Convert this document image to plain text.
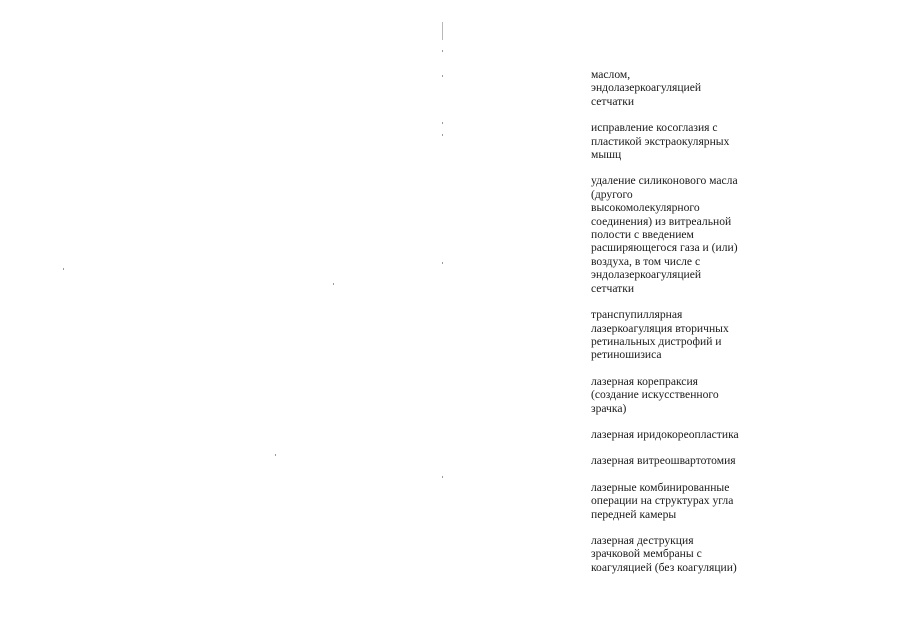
маслом,
эндолазеркоагуляцией
сетчатки
исправление косоглазия с
пластикой экстраокулярных
мышц
удаление силиконового масла
(другого
высокомолекулярного
соединения) из витреальной
полости с введением
расширяющегося газа и (или)
воздуха, в том числе с
эндолазеркоагуляцией
сетчатки
транспупиллярная
лазеркоагуляция вторичных
ретинальных дистрофий и
ретиношизиса
лазерная корепраксия
(создание искусственного
зрачка)
лазерная иридокореопластика
лазерная витреошвартотомия
лазерные комбинированные
операции на структурах угла
передней камеры
лазерная деструкция
зрачковой мембраны с
коагуляцией (без коагуляции)
